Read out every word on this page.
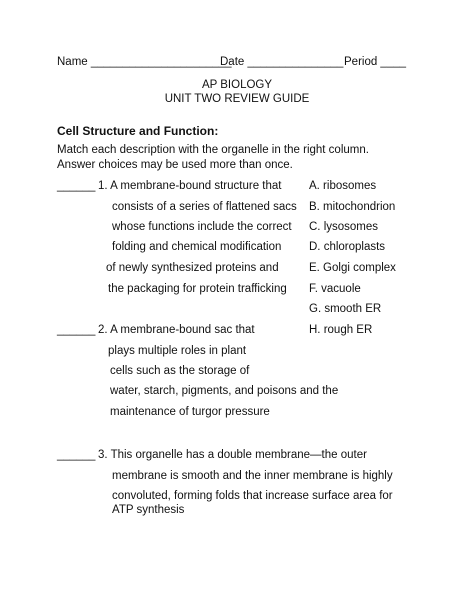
Name ______________________
Date _______________ Period ____
AP BIOLOGY
UNIT TWO REVIEW GUIDE
Cell Structure and Function:
Match each description with the organelle in the right column.
Answer choices may be used more than once.
______ 1. A membrane-bound structure that
consists of a series of flattened sacs
whose functions include the correct
folding and chemical modification
of newly synthesized proteins and
the packaging for protein trafficking
A. ribosomes
B. mitochondrion
C. lysosomes
D. chloroplasts
E. Golgi complex
F. vacuole
G. smooth ER
H. rough ER
______ 2. A membrane-bound sac that
plays multiple roles in plant
cells such as the storage of
water, starch, pigments, and poisons and the
maintenance of turgor pressure
______ 3. This organelle has a double membrane—the outer
membrane is smooth and the inner membrane is highly
convoluted, forming folds that increase surface area for
ATP synthesis
